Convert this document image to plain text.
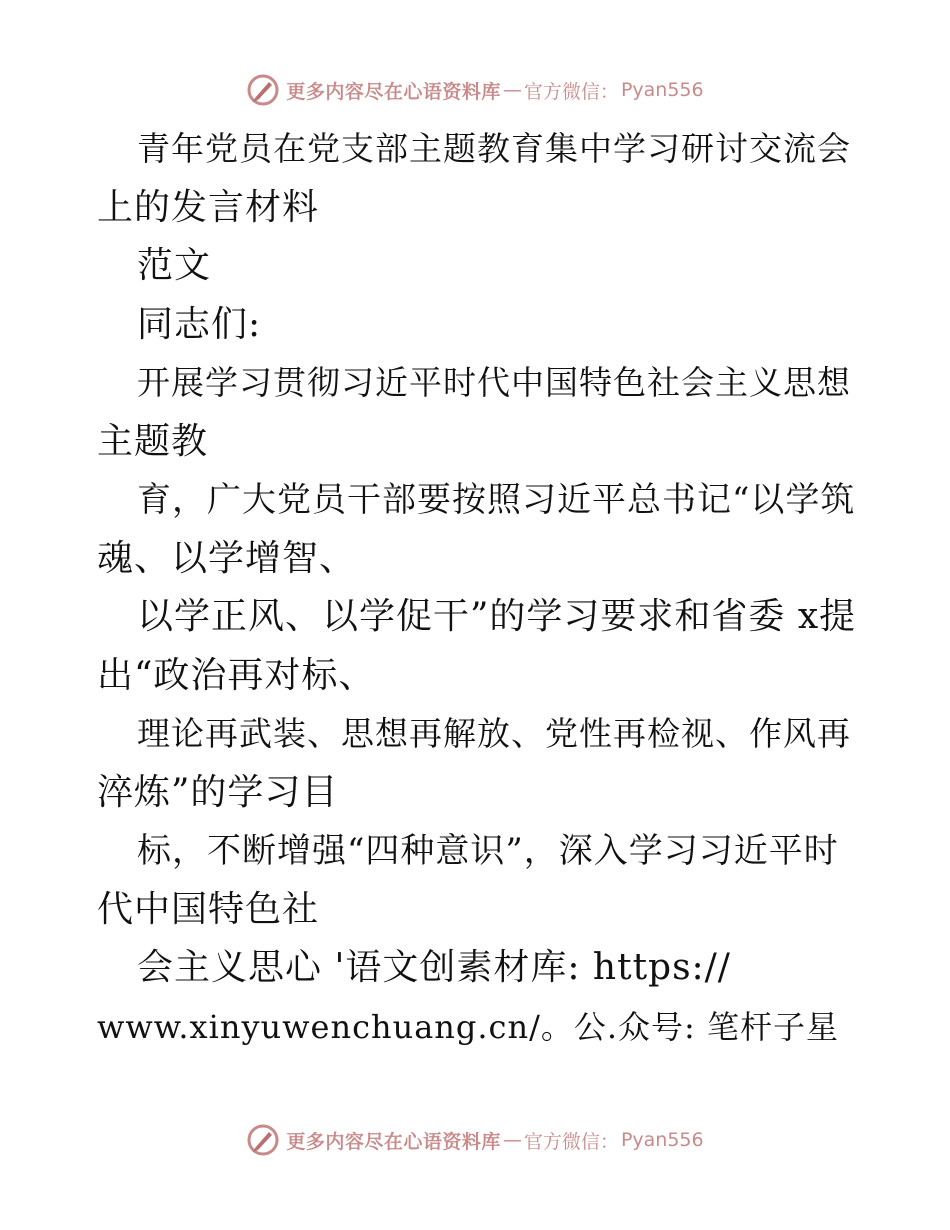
更多内容尽在心语资料库 — 官方微信： Pyan556
青年党员在党支部主题教育集中学习研讨交流会
上的发言材料
范文
同志们:
开展学习贯彻习近平时代中国特色社会主义思想
主题教
育，广大党员干部要按照习近平总书记“以学筑
魂、以学增智、
以学正风、以学促干”的学习要求和省委 x提
出“政治再对标、
理论再武装、思想再解放、党性再检视、作风再
淬炼”的学习目
标，不断增强“四种意识”，深入学习习近平时
代中国特色社
会主义思心 '语文创素材库: https://
www.xinyuwenchuang.cn/。公.众号: 笔杆子星
更多内容尽在心语资料库 — 官方微信： Pyan556
